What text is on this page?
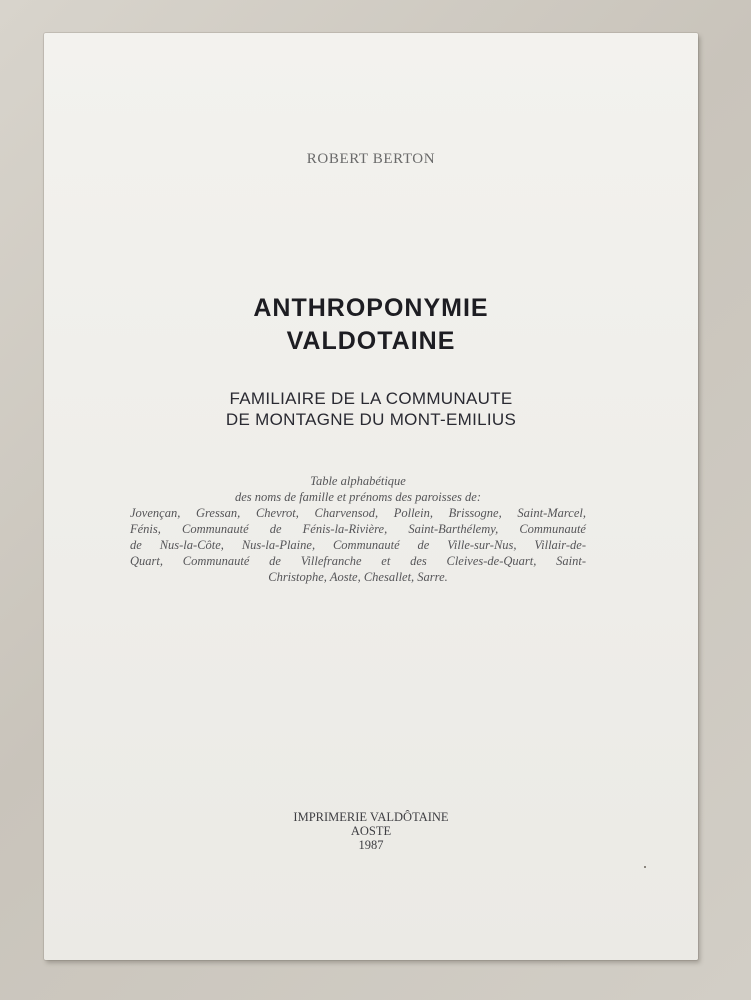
ROBERT BERTON
ANTHROPONYMIE
VALDOTAINE
FAMILIAIRE DE LA COMMUNAUTE
DE MONTAGNE DU MONT-EMILIUS
Table alphabétique
des noms de famille et prénoms des paroisses de:
Jovençan, Gressan, Chevrot, Charvensod, Pollein, Brissogne, Saint-Marcel,
Fénis, Communauté de Fénis-la-Rivière, Saint-Barthélemy, Communauté
de Nus-la-Côte, Nus-la-Plaine, Communauté de Ville-sur-Nus, Villair-de-
Quart, Communauté de Villefranche et des Cleives-de-Quart, Saint-
Christophe, Aoste, Chesallet, Sarre.
IMPRIMERIE VALDÔTAINE
AOSTE
1987
